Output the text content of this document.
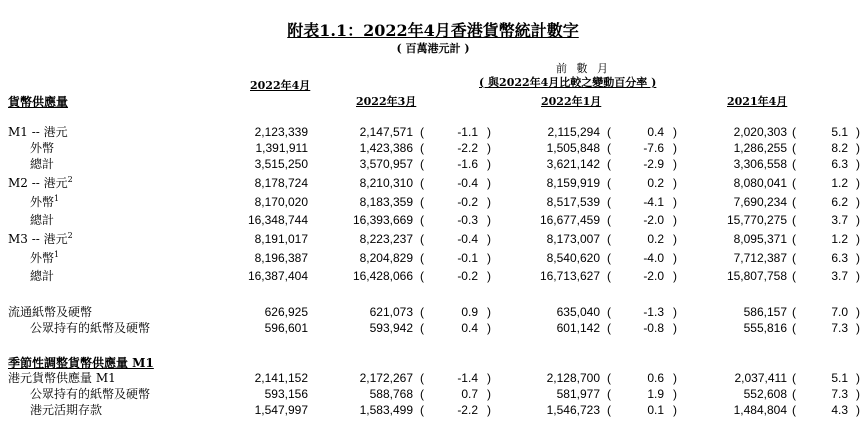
附表1.1：2022年4月香港貨幣統計數字
( 百萬港元計 )
前 數 月
( 與2022年4月比較之變動百分率 )
2022年4月
2022年3月	2022年1月	2021年4月
貨幣供應量
季節性調整貨幣供應量 M1
M1 -- 港元	2,123,339	2,147,571 (	-1.1 )	2,115,294 (	0.4 )	2,020,303 (	5.1 )
外幣	1,391,911	1,423,386 (	-2.2 )	1,505,848 (	-7.6 )	1,286,255 (	8.2 )
總計	3,515,250	3,570,957 (	-1.6 )	3,621,142 (	-2.9 )	3,306,558 (	6.3 )
M2 -- 港元$^2$	8,178,724	8,210,310 (	-0.4 )	8,159,919 (	0.2 )	8,080,041 (	1.2 )
外幣$^1$	8,170,020	8,183,359 (	-0.2 )	8,517,539 (	-4.1 )	7,690,234 (	6.2 )
總計	16,348,744	16,393,669 (	-0.3 )	16,677,459 (	-2.0 )	15,770,275 (	3.7 )
M3 -- 港元$^2$	8,191,017	8,223,237 (	-0.4 )	8,173,007 (	0.2 )	8,095,371 (	1.2 )
外幣$^1$	8,196,387	8,204,829 (	-0.1 )	8,540,620 (	-4.0 )	7,712,387 (	6.3 )
總計	16,387,404	16,428,066 (	-0.2 )	16,713,627 (	-2.0 )	15,807,758 (	3.7 )
流通紙幣及硬幣	626,925	621,073 (	0.9 )	635,040 (	-1.3 )	586,157 (	7.0 )
公眾持有的紙幣及硬幣	596,601	593,942 (	0.4 )	601,142 (	-0.8 )	555,816 (	7.3 )
港元貨幣供應量 M1	2,141,152	2,172,267 (	-1.4 )	2,128,700 (	0.6 )	2,037,411 (	5.1 )
公眾持有的紙幣及硬幣	593,156	588,768 (	0.7 )	581,977 (	1.9 )	552,608 (	7.3 )
港元活期存款	1,547,997	1,583,499 (	-2.2 )	1,546,723 (	0.1 )	1,484,804 (	4.3 )
